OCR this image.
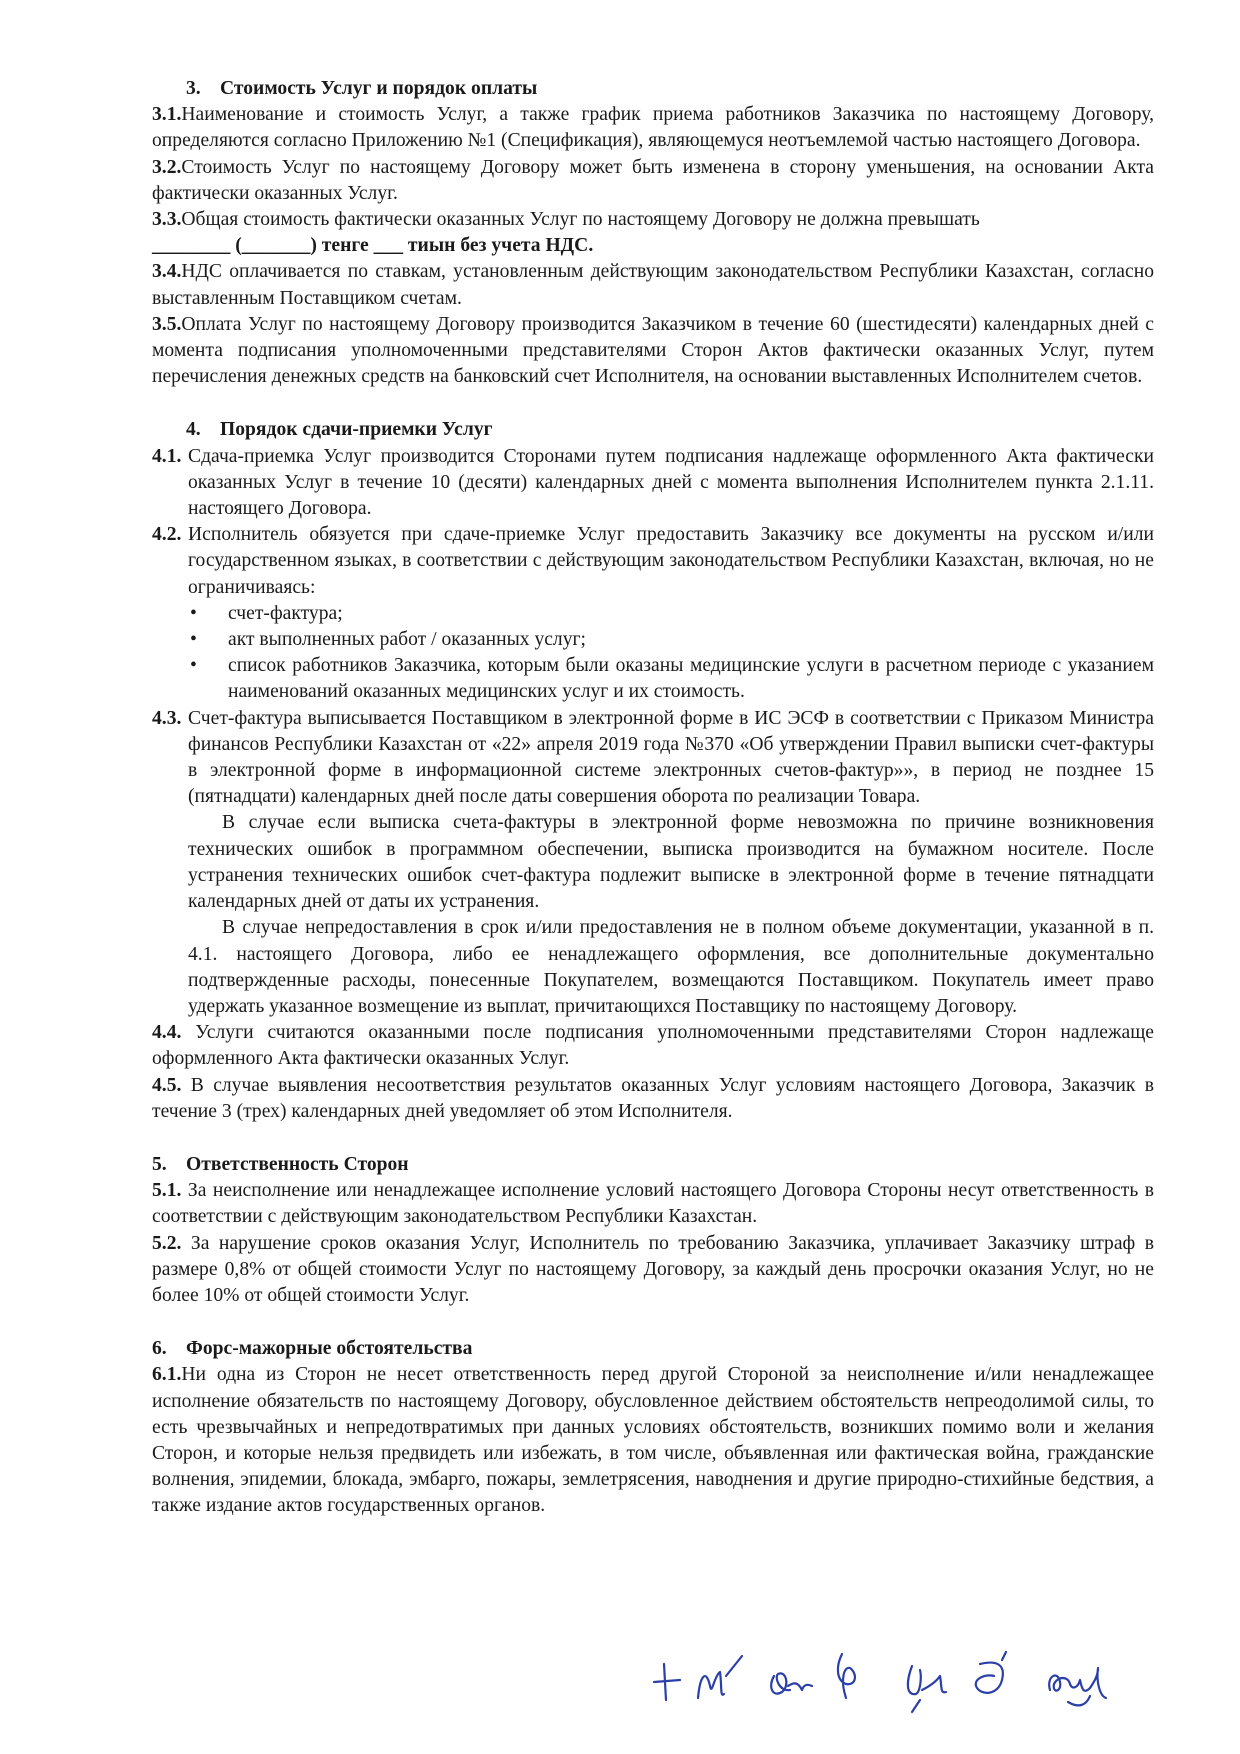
3. Стоимость Услуг и порядок оплаты

3.1.Наименование и стоимость Услуг, а также график приема работников Заказчика по настоящему Договору, определяются согласно Приложению №1 (Спецификация), являющемуся неотъемлемой частью настоящего Договора.

3.2.Стоимость Услуг по настоящему Договору может быть изменена в сторону уменьшения, на основании Акта фактически оказанных Услуг.

3.3.Общая стоимость фактически оказанных Услуг по настоящему Договору не должна превышать

________ (_______) тенге ___ тиын без учета НДС.

3.4.НДС оплачивается по ставкам, установленным действующим законодательством Республики Казахстан, согласно выставленным Поставщиком счетам.

3.5.Оплата Услуг по настоящему Договору производится Заказчиком в течение 60 (шестидесяти) календарных дней с момента подписания уполномоченными представителями Сторон Актов фактически оказанных Услуг, путем перечисления денежных средств на банковский счет Исполнителя, на основании выставленных Исполнителем счетов.

4. Порядок сдачи-приемки Услуг
4.1. Сдача-приемка Услуг производится Сторонами путем подписания надлежаще оформленного Акта фактически оказанных Услуг в течение 10 (десяти) календарных дней с момента выполнения Исполнителем пункта 2.1.11. настоящего Договора.
4.2. Исполнитель обязуется при сдаче-приемке Услуг предоставить Заказчику все документы на русском и/или государственном языках, в соответствии с действующим законодательством Республики Казахстан, включая, но не ограничиваясь:
•	счет-фактура;
•	акт выполненных работ / оказанных услуг;
•	список работников Заказчика, которым были оказаны медицинские услуги в расчетном периоде с указанием наименований оказанных медицинских услуг и их стоимость.
4.3. Счет-фактура выписывается Поставщиком в электронной форме в ИС ЭСФ в соответствии с Приказом Министра финансов Республики Казахстан от «22» апреля 2019 года №370 «Об утверждении Правил выписки счет-фактуры в электронной форме в информационной системе электронных счетов-фактур»», в период не позднее 15 (пятнадцати) календарных дней после даты совершения оборота по реализации Товара.

В случае если выписка счета-фактуры в электронной форме невозможна по причине возникновения технических ошибок в программном обеспечении, выписка производится на бумажном носителе. После устранения технических ошибок счет-фактура подлежит выписке в электронной форме в течение пятнадцати календарных дней от даты их устранения.

В случае непредоставления в срок и/или предоставления не в полном объеме документации, указанной в п. 4.1. настоящего Договора, либо ее ненадлежащего оформления, все дополнительные документально подтвержденные расходы, понесенные Покупателем, возмещаются Поставщиком. Покупатель имеет право удержать указанное возмещение из выплат, причитающихся Поставщику по настоящему Договору.

4.4. Услуги считаются оказанными после подписания уполномоченными представителями Сторон надлежаще оформленного Акта фактически оказанных Услуг.

4.5. В случае выявления несоответствия результатов оказанных Услуг условиям настоящего Договора, Заказчик в течение 3 (трех) календарных дней уведомляет об этом Исполнителя.

5. Ответственность Сторон

5.1. За неисполнение или ненадлежащее исполнение условий настоящего Договора Стороны несут ответственность в соответствии с действующим законодательством Республики Казахстан.

5.2. За нарушение сроков оказания Услуг, Исполнитель по требованию Заказчика, уплачивает Заказчику штраф в размере 0,8% от общей стоимости Услуг по настоящему Договору, за каждый день просрочки оказания Услуг, но не более 10% от общей стоимости Услуг.

6. Форс-мажорные обстоятельства

6.1.Ни одна из Сторон не несет ответственность перед другой Стороной за неисполнение и/или ненадлежащее исполнение обязательств по настоящему Договору, обусловленное действием обстоятельств непреодолимой силы, то есть чрезвычайных и непредотвратимых при данных условиях обстоятельств, возникших помимо воли и желания Сторон, и которые нельзя предвидеть или избежать, в том числе, объявленная или фактическая война, гражданские волнения, эпидемии, блокада, эмбарго, пожары, землетрясения, наводнения и другие природно-стихийные бедствия, а также издание актов государственных органов.
